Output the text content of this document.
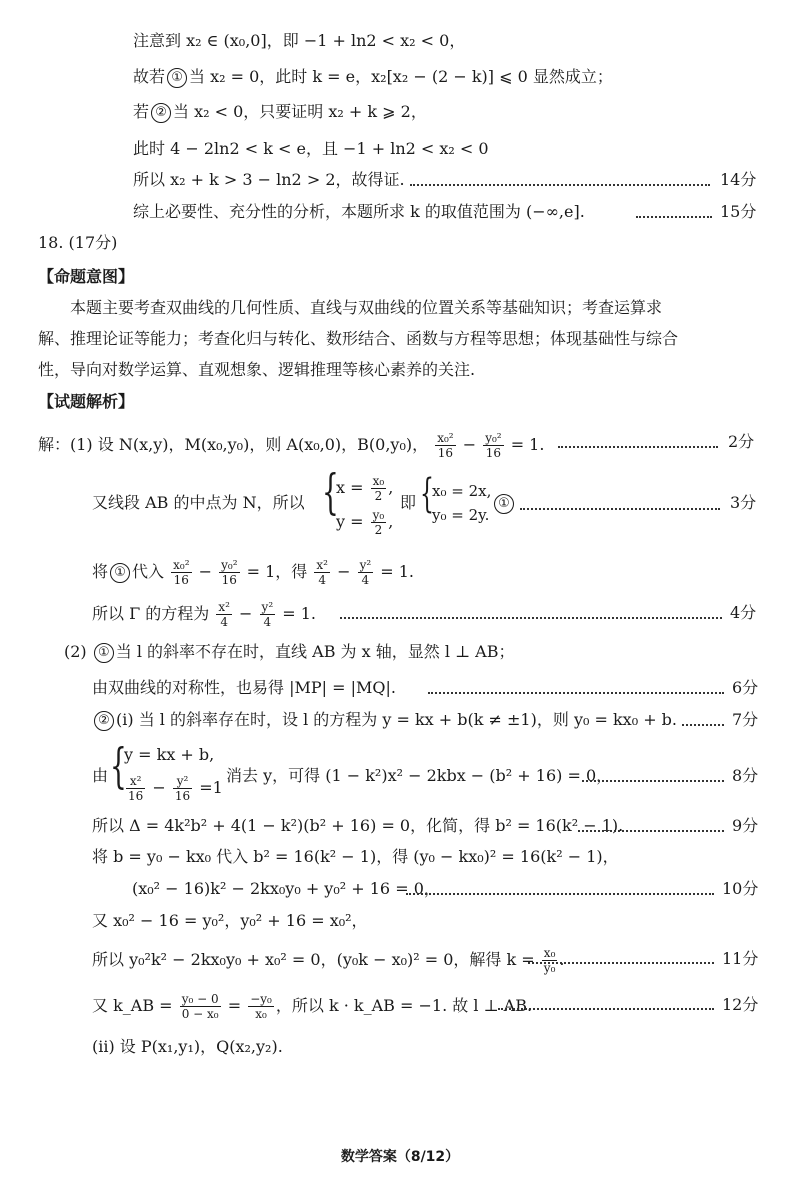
注意到 x₂ ∈ (x₀,0]，即 −1 + ln2 < x₂ < 0，
故若 ① 当 x₂ = 0，此时 k = e，x₂[x₂ − (2 − k)] ⩽ 0 显然成立；
若 ② 当 x₂ < 0，只要证明 x₂ + k ⩾ 2，
此时 4 − 2ln2 < k < e，且 −1 + ln2 < x₂ < 0
所以 x₂ + k > 3 − ln2 > 2，故得证.	14分
综上必要性、充分性的分析，本题所求 k 的取值范围为 (−∞,e].	15分
18. (17分)
【命题意图】
本题主要考查双曲线的几何性质、直线与双曲线的位置关系等基础知识；考查运算求
解、推理论证等能力；考查化归与转化、数形结合、函数与方程等思想；体现基础性与综合
性，导向对数学运算、直观想象、逻辑推理等核心素养的关注.
【试题解析】
解：(1) 设 N(x,y)，M(x₀,y₀)，则 A(x₀,0)，B(0,y₀)， $\frac{\text{x₀²}}{16} - \frac{\text{y₀²}}{16} = 1$.	2分
又线段 AB 的中点为 N，所以 {
$x = \frac{\text{x₀}}{2}$ ,
$y = \frac{\text{y₀}}{2}$ ,
即 {
x₀ = 2x,
y₀ = 2y.
①	3分
将 ① 代入 $\frac{\text{x₀²}}{16} - \frac{\text{y₀²}}{16} = 1$，得 $\frac{\text{x²}}{4} - \frac{\text{y²}}{4} = 1$.
所以 Γ 的方程为 $\frac{\text{x²}}{4} - \frac{\text{y²}}{4} = 1$.	4分
(2) ① 当 l 的斜率不存在时，直线 AB 为 x 轴，显然 l ⊥ AB；
由双曲线的对称性，也易得 |MP| = |MQ|.	6分
② (i) 当 l 的斜率存在时，设 l 的方程为 y = kx + b(k ≠ ±1)，则 y₀ = kx₀ + b.	7分
由 {
y = kx + b,
$\frac{\text{x²}}{16} - \frac{\text{y²}}{16} =1$
消去 y，可得 (1 − k²)x² − 2kbx − (b² + 16) = 0，	8分
所以 Δ = 4k²b² + 4(1 − k²)(b² + 16) = 0，化简，得 b² = 16(k² − 1).	9分
将 b = y₀ − kx₀ 代入 b² = 16(k² − 1)，得 (y₀ − kx₀)² = 16(k² − 1)，
(x₀² − 16)k² − 2kx₀y₀ + y₀² + 16 = 0，	10分
又 x₀² − 16 = y₀²，y₀² + 16 = x₀²，
所以 y₀²k² − 2kx₀y₀ + x₀² = 0，(y₀k − x₀)² = 0，解得 $k = \frac{\text{x₀}}{\text{y₀}}$ .	11分
又 k_AB = $\frac{\text{y₀ − 0}}{\text{0 − x₀}} = \frac{\text{−y₀}}{\text{x₀}}$ ，所以 k · k_AB = −1. 故 l ⊥ AB.	12分
(ii) 设 P(x₁,y₁)，Q(x₂,y₂).
数学答案（8/12）
